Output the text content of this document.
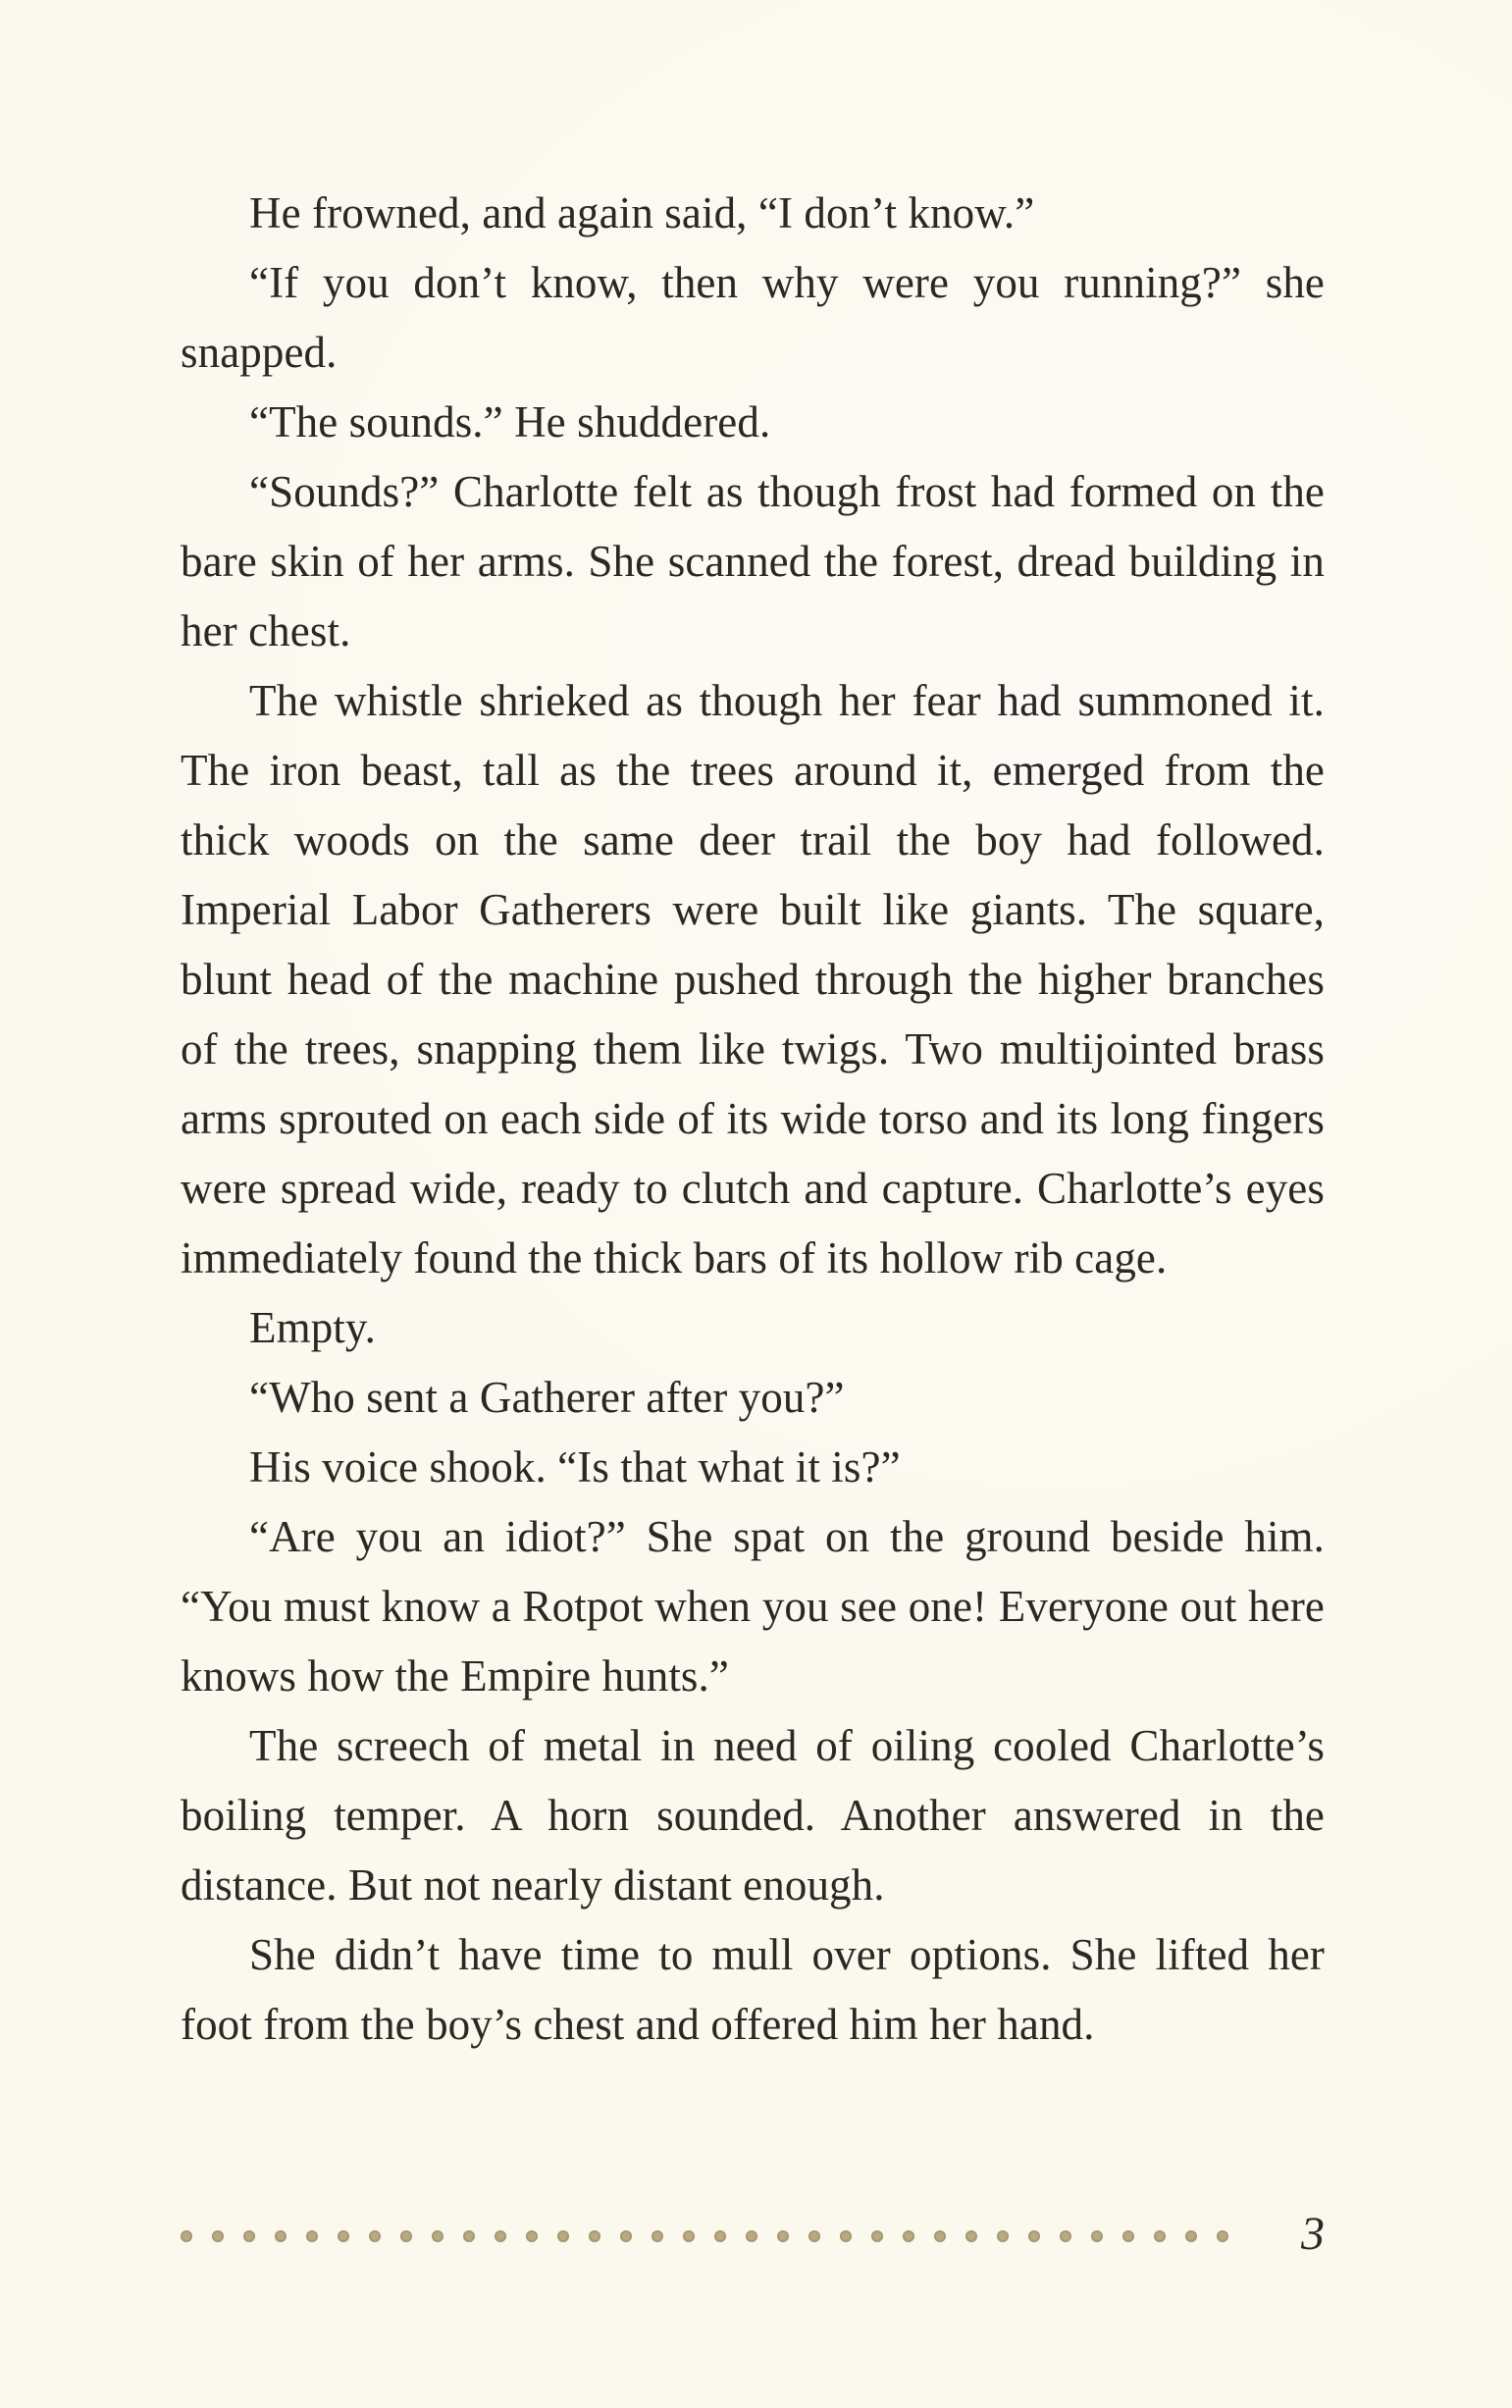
He frowned, and again said, “I don’t know.”

“If you don’t know, then why were you running?” she snapped.

“The sounds.” He shuddered.

“Sounds?” Charlotte felt as though frost had formed on the bare skin of her arms. She scanned the forest, dread building in her chest.

The whistle shrieked as though her fear had summoned it. The iron beast, tall as the trees around it, emerged from the thick woods on the same deer trail the boy had followed. Imperial Labor Gatherers were built like giants. The square, blunt head of the machine pushed through the higher branches of the trees, snapping them like twigs. Two multijointed brass arms sprouted on each side of its wide torso and its long fingers were spread wide, ready to clutch and capture. Charlotte’s eyes immediately found the thick bars of its hollow rib cage.

Empty.

“Who sent a Gatherer after you?”

His voice shook. “Is that what it is?”

“Are you an idiot?” She spat on the ground beside him. “You must know a Rotpot when you see one! Everyone out here knows how the Empire hunts.”

The screech of metal in need of oiling cooled Charlotte’s boiling temper. A horn sounded. Another answered in the distance. But not nearly distant enough.

She didn’t have time to mull over options. She lifted her foot from the boy’s chest and offered him her hand.

3
